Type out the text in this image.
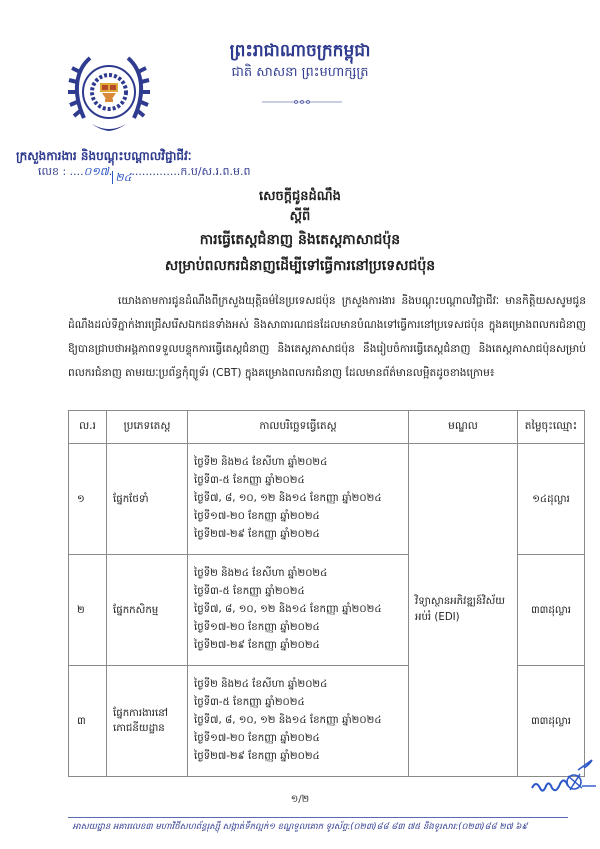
ព្រះរាជាណាចក្រកម្ពុជា
ជាតិ សាសនា ព្រះមហាក្សត្រ
ក្រសួងការងារ និងបណ្តុះបណ្តាលវិជ្ជាជីវៈ
លេខ : ....០១៧. ២៤..............ក.ប/ស.រ.ព.ម.ព
សេចក្តីជូនដំណឹង
ស្តីពី
ការធ្វើតេស្តជំនាញ និងតេស្តភាសាជប៉ុន
សម្រាប់ពលករជំនាញដើម្បីទៅធ្វើការនៅប្រទេសជប៉ុន
យោងតាមការជូនដំណឹងពីក្រសួងយុត្តិធម៌នៃប្រទេសជប៉ុន ក្រសួងការងារ និងបណ្តុះបណ្តាលវិជ្ជាជីវៈ មានកិត្តិយសសូមជូនដំណឹងដល់ទីភ្នាក់ងារជ្រើសរើសឯកជនទាំងអស់ និងសាធារណជនដែលមានបំណងទៅធ្វើការនៅប្រទេសជប៉ុន ក្នុងគម្រោងពលករជំនាញ ឱ្យបានជ្រាបថាអង្គភាពទទួលបន្ទុកការធ្វើតេស្តជំនាញ និងតេស្តភាសាជប៉ុន នឹងរៀបចំការធ្វើតេស្តជំនាញ និងតេស្តភាសាជប៉ុនសម្រាប់ពលករជំនាញ តាមរយៈប្រព័ន្ធកុំព្យូទ័រ (CBT) ក្នុងគម្រោងពលករជំនាញ ដែលមានព័ត៌មានលម្អិតដូចខាងក្រោម៖
ល.រ	ប្រភេទតេស្ត	កាលបរិច្ឆេទធ្វើតេស្ត	មណ្ឌល	តម្លៃចុះឈ្មោះ
១	ផ្នែកថែទាំ	ថ្ងៃទី២ និង២៤ ខែសីហា ឆ្នាំ២០២៤
ថ្ងៃទី៣-៥ ខែកញ្ញា ឆ្នាំ២០២៤
ថ្ងៃទី៧, ៨, ១០, ១២ និង១៤ ខែកញ្ញា ឆ្នាំ២០២៤
ថ្ងៃទី១៧-២០ ខែកញ្ញា ឆ្នាំ២០២៤
ថ្ងៃទី២៧-២៩ ខែកញ្ញា ឆ្នាំ២០២៤	វិទ្យាស្ថានអភិវឌ្ឍន៍វិស័យអប់រំ (EDI)	១៤ដុល្លារ
២	ផ្នែកកសិកម្ម	ថ្ងៃទី២ និង២៤ ខែសីហា ឆ្នាំ២០២៤
ថ្ងៃទី៣-៥ ខែកញ្ញា ឆ្នាំ២០២៤
ថ្ងៃទី៧, ៨, ១០, ១២ និង១៤ ខែកញ្ញា ឆ្នាំ២០២៤
ថ្ងៃទី១៧-២០ ខែកញ្ញា ឆ្នាំ២០២៤
ថ្ងៃទី២៧-២៩ ខែកញ្ញា ឆ្នាំ២០២៤		៣៣ដុល្លារ
៣	ផ្នែកការងារនៅភោជនីយដ្ឋាន	ថ្ងៃទី២ និង២៤ ខែសីហា ឆ្នាំ២០២៤
ថ្ងៃទី៣-៥ ខែកញ្ញា ឆ្នាំ២០២៤
ថ្ងៃទី៧, ៨, ១០, ១២ និង១៤ ខែកញ្ញា ឆ្នាំ២០២៤
ថ្ងៃទី១៧-២០ ខែកញ្ញា ឆ្នាំ២០២៤
ថ្ងៃទី២៧-២៩ ខែកញ្ញា ឆ្នាំ២០២៤		៣៣ដុល្លារ
១/២
អាសយដ្ឋាន អគារលេខ៣ មហាវិថីសហព័ន្ធរុស្ស៊ី សង្កាត់ទឹកល្អក់១ ខណ្ឌទួលគោក ទូរស័ព្ទ:(០២៣)៨៨ ៨៣ ៧៥ និងទូរសារ:(០២៣)៨៨ ២៧ ៦៩
